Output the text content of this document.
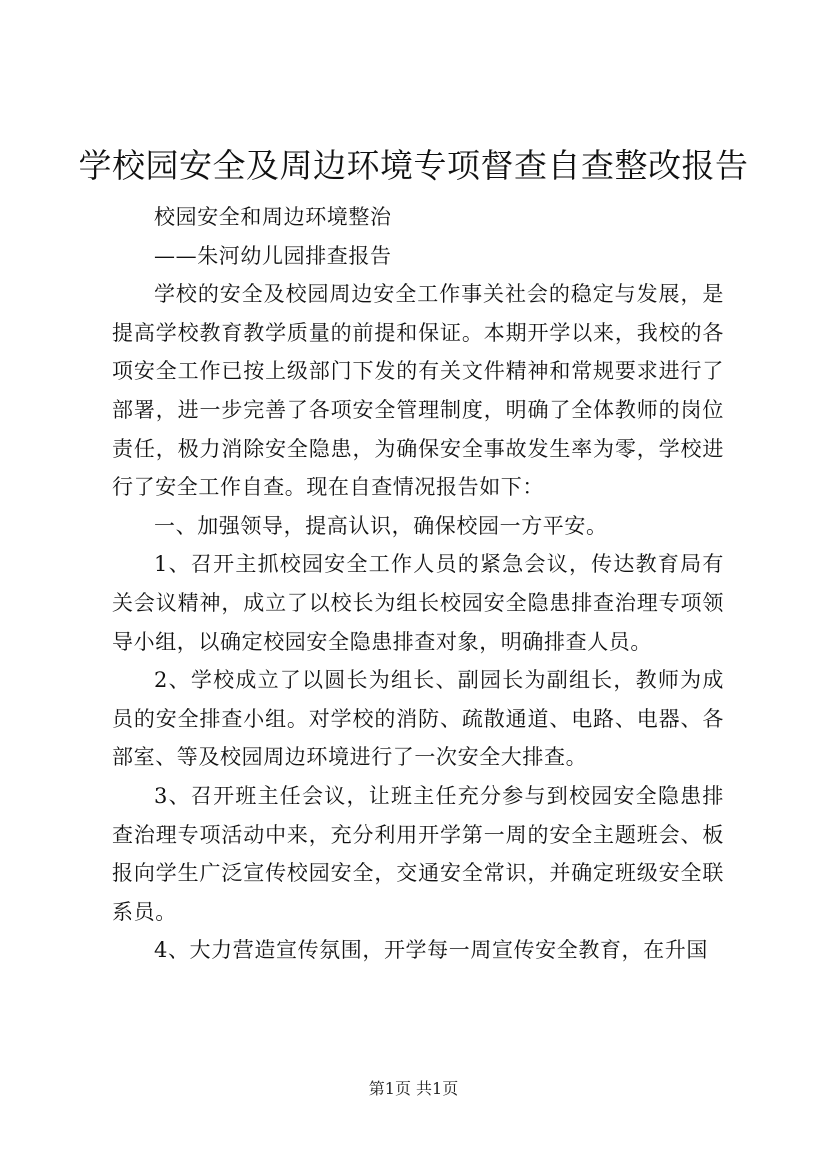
学校园安全及周边环境专项督查自查整改报告

校园安全和周边环境整治

——朱河幼儿园排查报告

学校的安全及校园周边安全工作事关社会的稳定与发展，是提高学校教育教学质量的前提和保证。本期开学以来，我校的各项安全工作已按上级部门下发的有关文件精神和常规要求进行了部署，进一步完善了各项安全管理制度，明确了全体教师的岗位责任，极力消除安全隐患，为确保安全事故发生率为零，学校进行了安全工作自查。现在自查情况报告如下：

一、加强领导，提高认识，确保校园一方平安。

1、召开主抓校园安全工作人员的紧急会议，传达教育局有关会议精神，成立了以校长为组长校园安全隐患排查治理专项领导小组，以确定校园安全隐患排查对象，明确排查人员。

2、学校成立了以圆长为组长、副园长为副组长，教师为成员的安全排查小组。对学校的消防、疏散通道、电路、电器、各部室、等及校园周边环境进行了一次安全大排查。

3、召开班主任会议，让班主任充分参与到校园安全隐患排查治理专项活动中来，充分利用开学第一周的安全主题班会、板报向学生广泛宣传校园安全，交通安全常识，并确定班级安全联系员。

4、大力营造宣传氛围，开学每一周宣传安全教育，在升国

第1页 共1页
